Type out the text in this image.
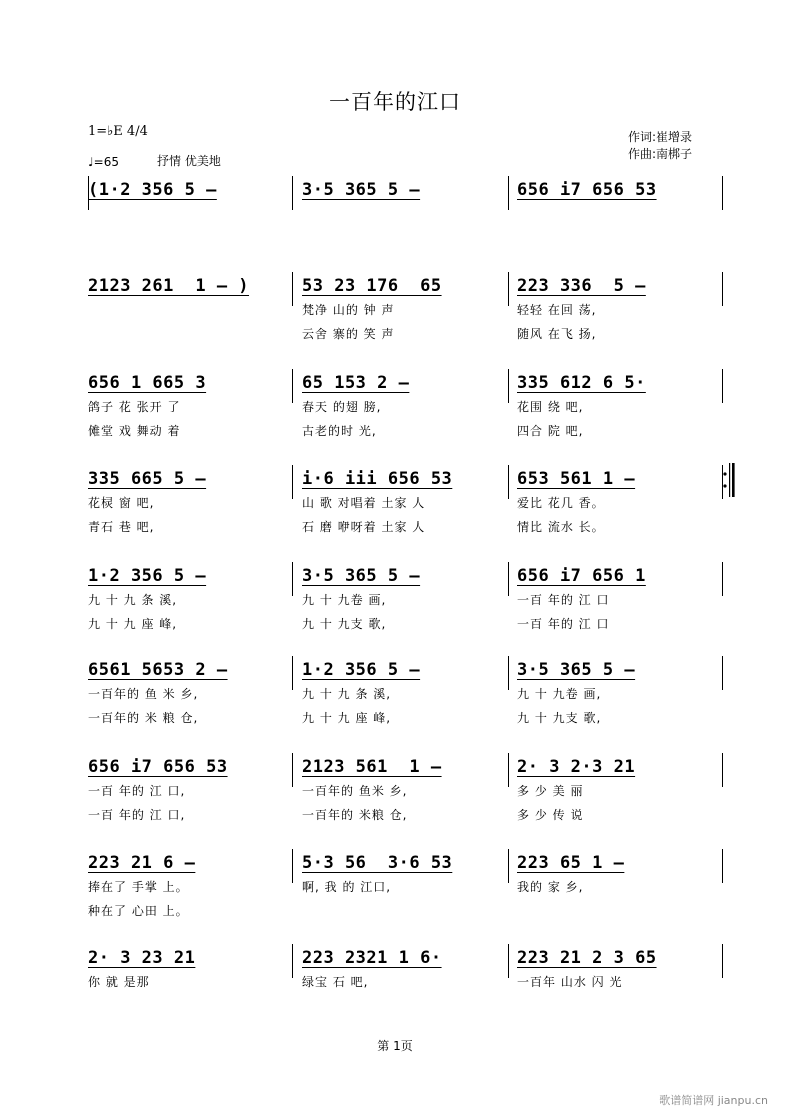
一百年的江口
1=♭E 4/4
♩=65	抒情 优美地
作词:崔增录
作曲:南梆子
(1·2 356 5 –	3·5 365 5 –	656 i7 656 53
2123 261  1 – )	53 23 176  65
梵净 山的 钟 声
云舍 寨的 笑 声
223 336  5 –
轻轻 在回 荡,
随风 在飞 扬,
656 1 665 3
鸽子 花 张开 了
傩堂 戏 舞动 着
65 153 2 –
春天 的翅 膀,
古老的时 光,
335 612 6 5·
花围 绕 吧,
四合 院 吧,
335 665 5 –
花棂 窗 吧,
青石 巷 吧,
i·6 iii 656 53
山 歌 对唱着 土家 人
石 磨 咿呀着 土家 人
653 561 1 –
爱比 花几 香。
情比 流水 长。
1·2 356 5 –
九 十 九 条 溪,
九 十 九 座 峰,
3·5 365 5 –
九 十 九卷 画,
九 十 九支 歌,
656 i7 656 1
一百 年的 江 口
一百 年的 江 口
6561 5653 2 –
一百年的 鱼 米 乡,
一百年的 米 粮 仓,
1·2 356 5 –
九 十 九 条 溪,
九 十 九 座 峰,
3·5 365 5 –
九 十 九卷 画,
九 十 九支 歌,
656 i7 656 53
一百 年的 江 口,
一百 年的 江 口,
2123 561  1 –
一百年的 鱼米 乡,
一百年的 米粮 仓,
2· 3 2·3 21
多 少 美 丽
多 少 传 说
223 21 6 –
捧在了 手掌 上。
种在了 心田 上。
5·3 56  3·6 53
啊, 我 的 江口,
223 65 1 –
我的 家 乡,
2· 3 23 21
你 就 是那
223 2321 1 6·
绿宝 石 吧,
223 21 2 3 65
一百年 山水 闪 光
第 1页
歌谱简谱网 jianpu.cn
